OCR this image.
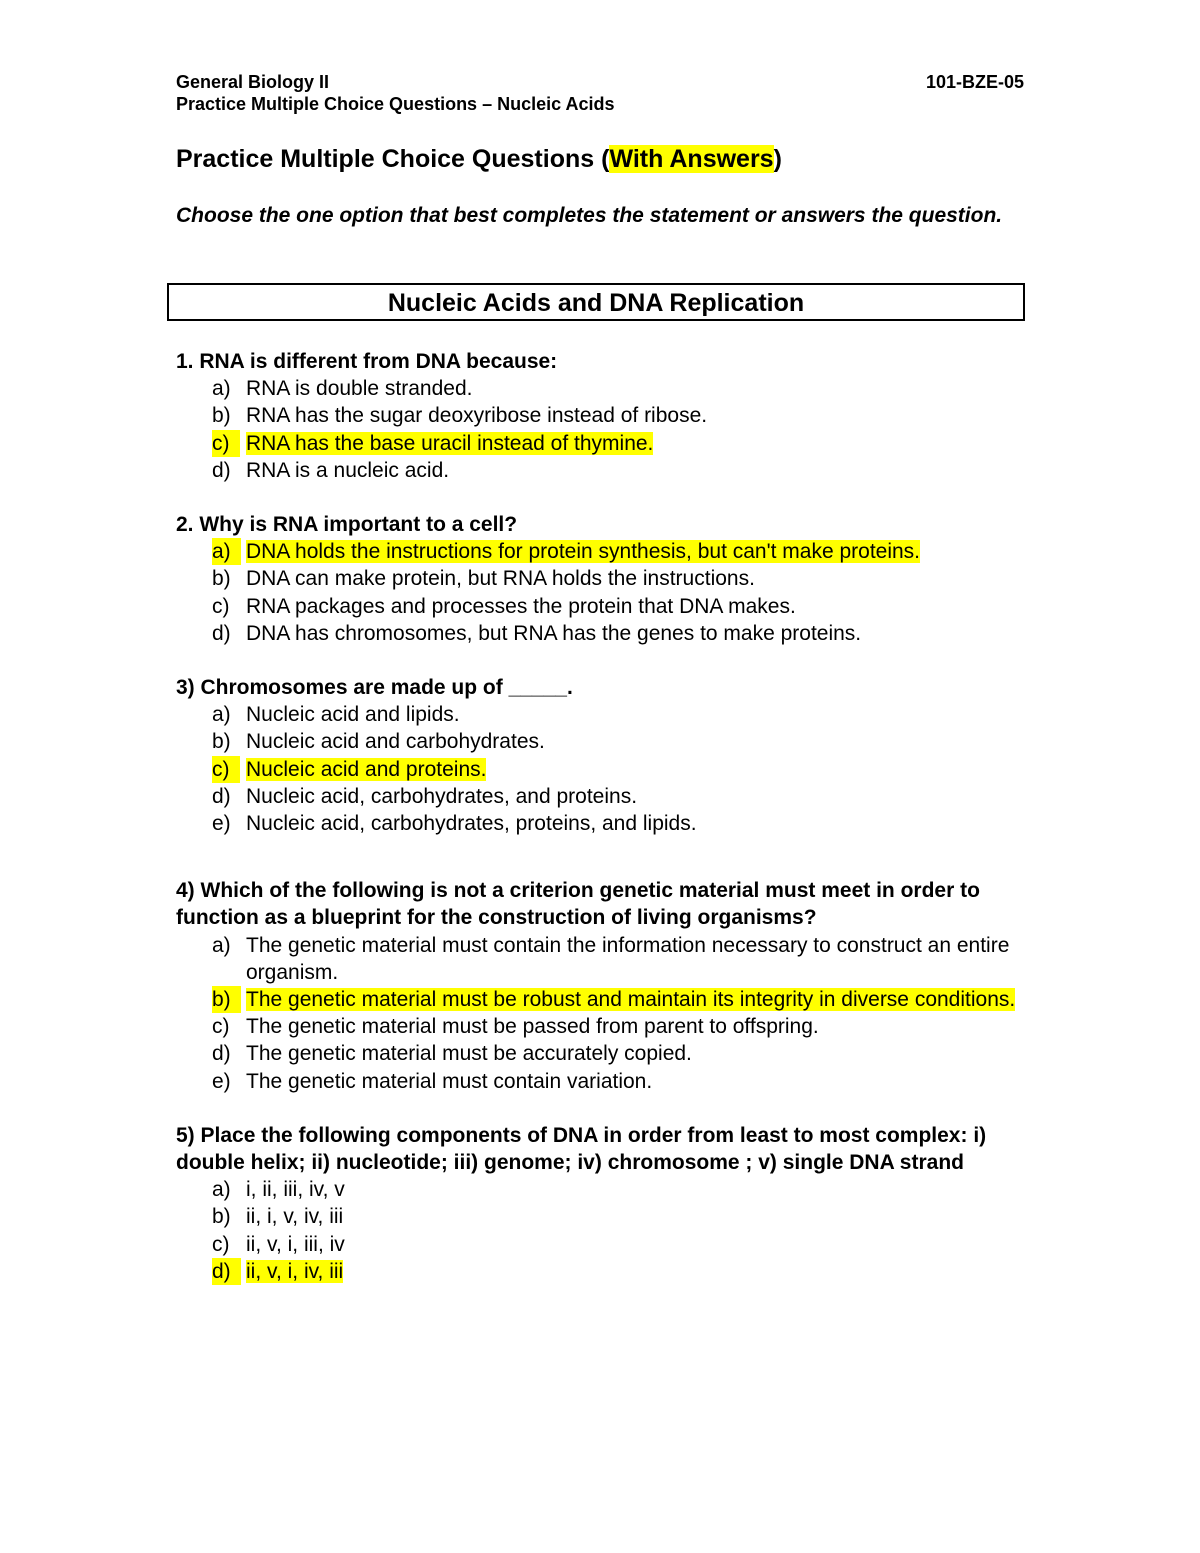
General Biology II	101-BZE-05
Practice Multiple Choice Questions – Nucleic Acids
Practice Multiple Choice Questions (With Answers)
Choose the one option that best completes the statement or answers the question.
Nucleic Acids and DNA Replication
1. RNA is different from DNA because:
a) RNA is double stranded.
b) RNA has the sugar deoxyribose instead of ribose.
c) RNA has the base uracil instead of thymine.
d) RNA is a nucleic acid.
2. Why is RNA important to a cell?
a) DNA holds the instructions for protein synthesis, but can't make proteins.
b) DNA can make protein, but RNA holds the instructions.
c) RNA packages and processes the protein that DNA makes.
d) DNA has chromosomes, but RNA has the genes to make proteins.
3) Chromosomes are made up of _____.
a) Nucleic acid and lipids.
b) Nucleic acid and carbohydrates.
c) Nucleic acid and proteins.
d) Nucleic acid, carbohydrates, and proteins.
e) Nucleic acid, carbohydrates, proteins, and lipids.
4) Which of the following is not a criterion genetic material must meet in order to function as a blueprint for the construction of living organisms?
a) The genetic material must contain the information necessary to construct an entire organism.
b) The genetic material must be robust and maintain its integrity in diverse conditions.
c) The genetic material must be passed from parent to offspring.
d) The genetic material must be accurately copied.
e) The genetic material must contain variation.
5) Place the following components of DNA in order from least to most complex: i) double helix; ii) nucleotide; iii) genome; iv) chromosome ; v) single DNA strand
a) i, ii, iii, iv, v
b) ii, i, v, iv, iii
c) ii, v, i, iii, iv
d) ii, v, i, iv, iii
